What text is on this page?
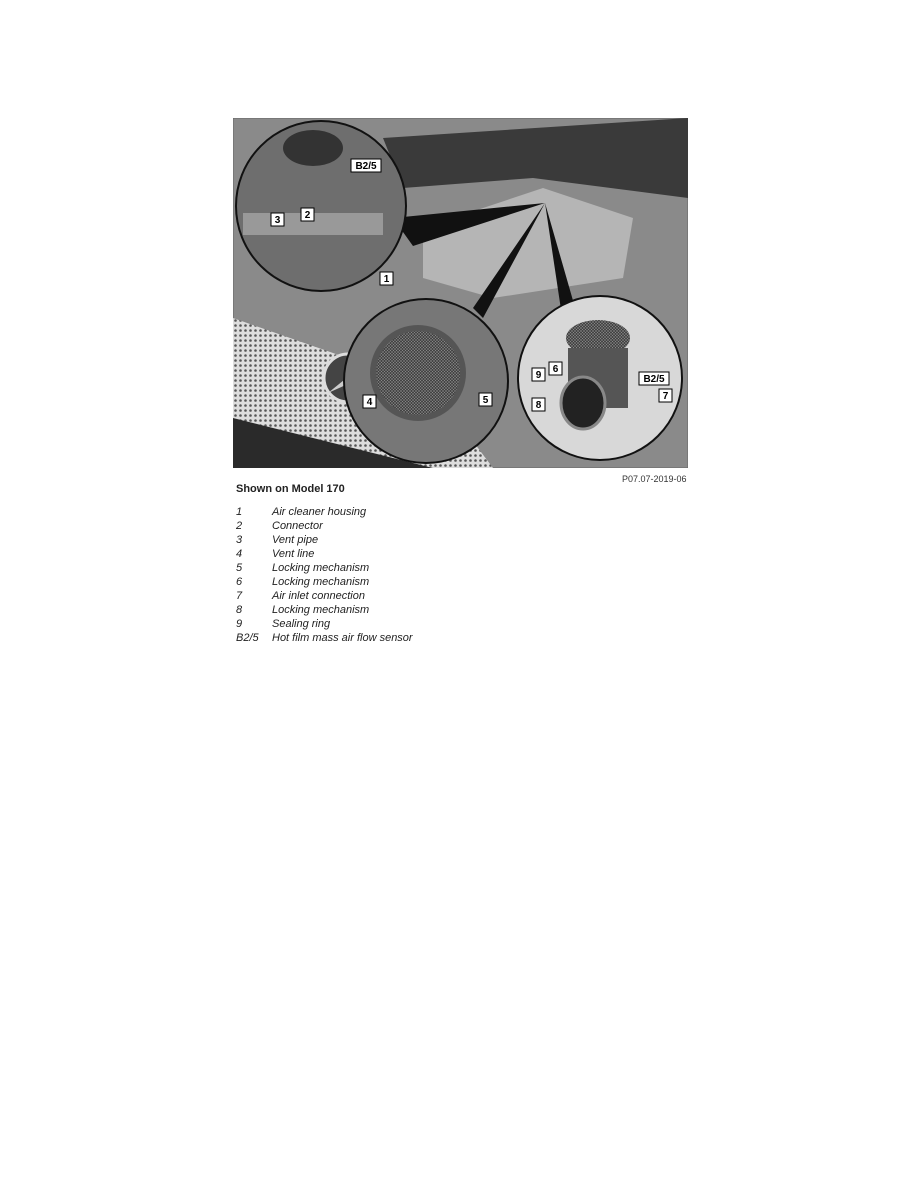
B2/5
2
3
1
4	5
B2/5
6
9
8
7
P07.07-2019-06
Shown on Model 170
1	Air cleaner housing
2	Connector
3	Vent pipe
4	Vent line
5	Locking mechanism
6	Locking mechanism
7	Air inlet connection
8	Locking mechanism
9	Sealing ring
B2/5	Hot film mass air flow sensor
